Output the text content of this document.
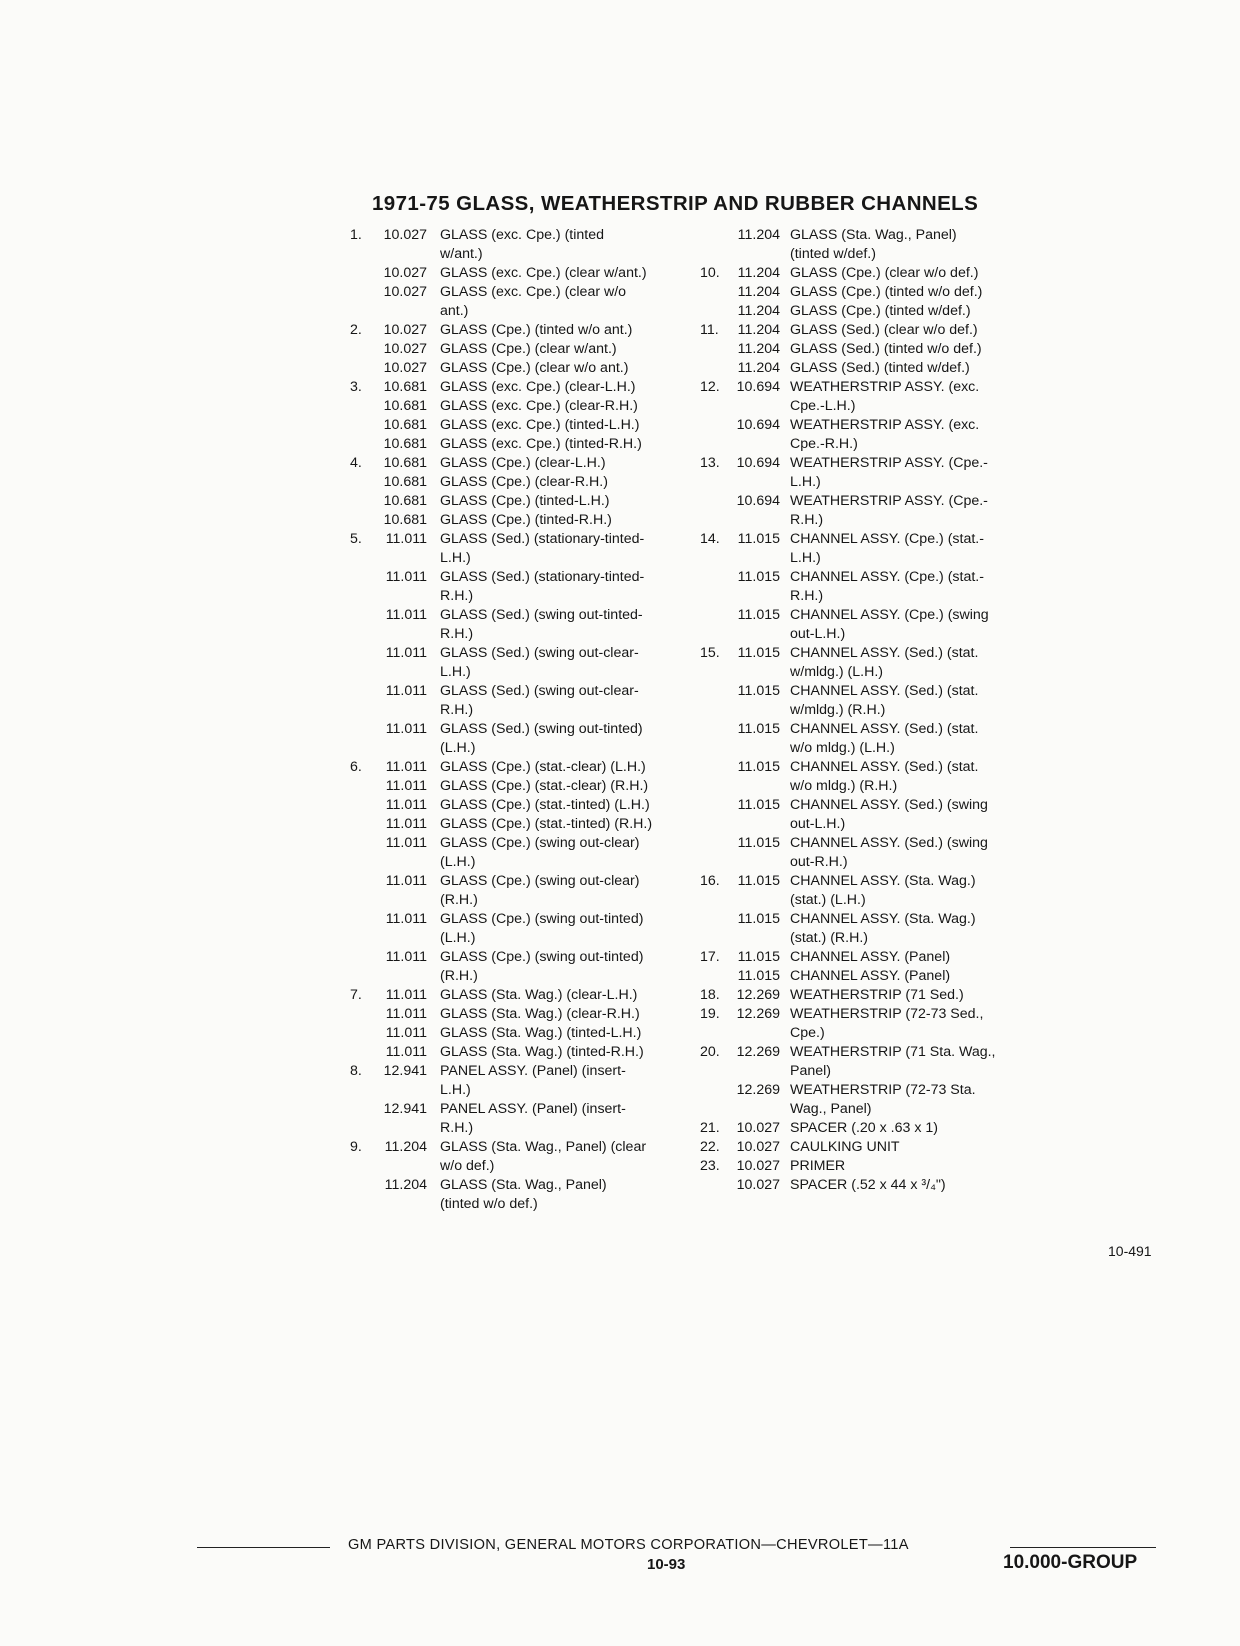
1971-75 GLASS, WEATHERSTRIP AND RUBBER CHANNELS
1.	10.027 GLASS (exc. Cpe.) (tinted
w/ant.)
10.027 GLASS (exc. Cpe.) (clear w/ant.)
10.027 GLASS (exc. Cpe.) (clear w/o
ant.)
2.	10.027 GLASS (Cpe.) (tinted w/o ant.)
10.027 GLASS (Cpe.) (clear w/ant.)
10.027 GLASS (Cpe.) (clear w/o ant.)
3.	10.681 GLASS (exc. Cpe.) (clear-L.H.)
10.681 GLASS (exc. Cpe.) (clear-R.H.)
10.681 GLASS (exc. Cpe.) (tinted-L.H.)
10.681 GLASS (exc. Cpe.) (tinted-R.H.)
4.	10.681 GLASS (Cpe.) (clear-L.H.)
10.681 GLASS (Cpe.) (clear-R.H.)
10.681 GLASS (Cpe.) (tinted-L.H.)
10.681 GLASS (Cpe.) (tinted-R.H.)
5.	11.011 GLASS (Sed.) (stationary-tinted-
L.H.)
11.011 GLASS (Sed.) (stationary-tinted-
R.H.)
11.011 GLASS (Sed.) (swing out-tinted-
R.H.)
11.011 GLASS (Sed.) (swing out-clear-
L.H.)
11.011 GLASS (Sed.) (swing out-clear-
R.H.)
11.011 GLASS (Sed.) (swing out-tinted)
(L.H.)
6.	11.011 GLASS (Cpe.) (stat.-clear) (L.H.)
11.011 GLASS (Cpe.) (stat.-clear) (R.H.)
11.011 GLASS (Cpe.) (stat.-tinted) (L.H.)
11.011 GLASS (Cpe.) (stat.-tinted) (R.H.)
11.011 GLASS (Cpe.) (swing out-clear)
(L.H.)
11.011 GLASS (Cpe.) (swing out-clear)
(R.H.)
11.011 GLASS (Cpe.) (swing out-tinted)
(L.H.)
11.011 GLASS (Cpe.) (swing out-tinted)
(R.H.)
7.	11.011 GLASS (Sta. Wag.) (clear-L.H.)
11.011 GLASS (Sta. Wag.) (clear-R.H.)
11.011 GLASS (Sta. Wag.) (tinted-L.H.)
11.011 GLASS (Sta. Wag.) (tinted-R.H.)
8.	12.941 PANEL ASSY. (Panel) (insert-
L.H.)
12.941 PANEL ASSY. (Panel) (insert-
R.H.)
9.	11.204 GLASS (Sta. Wag., Panel) (clear
w/o def.)
11.204 GLASS (Sta. Wag., Panel)
(tinted w/o def.)
11.204 GLASS (Sta. Wag., Panel)
(tinted w/def.)
10.	11.204 GLASS (Cpe.) (clear w/o def.)
11.204 GLASS (Cpe.) (tinted w/o def.)
11.204 GLASS (Cpe.) (tinted w/def.)
11.	11.204 GLASS (Sed.) (clear w/o def.)
11.204 GLASS (Sed.) (tinted w/o def.)
11.204 GLASS (Sed.) (tinted w/def.)
12.	10.694 WEATHERSTRIP ASSY. (exc.
Cpe.-L.H.)
10.694 WEATHERSTRIP ASSY. (exc.
Cpe.-R.H.)
13.	10.694 WEATHERSTRIP ASSY. (Cpe.-
L.H.)
10.694 WEATHERSTRIP ASSY. (Cpe.-
R.H.)
14.	11.015 CHANNEL ASSY. (Cpe.) (stat.-
L.H.)
11.015 CHANNEL ASSY. (Cpe.) (stat.-
R.H.)
11.015 CHANNEL ASSY. (Cpe.) (swing
out-L.H.)
15.	11.015 CHANNEL ASSY. (Sed.) (stat.
w/mldg.) (L.H.)
11.015 CHANNEL ASSY. (Sed.) (stat.
w/mldg.) (R.H.)
11.015 CHANNEL ASSY. (Sed.) (stat.
w/o mldg.) (L.H.)
11.015 CHANNEL ASSY. (Sed.) (stat.
w/o mldg.) (R.H.)
11.015 CHANNEL ASSY. (Sed.) (swing
out-L.H.)
11.015 CHANNEL ASSY. (Sed.) (swing
out-R.H.)
16.	11.015 CHANNEL ASSY. (Sta. Wag.)
(stat.) (L.H.)
11.015 CHANNEL ASSY. (Sta. Wag.)
(stat.) (R.H.)
17.	11.015 CHANNEL ASSY. (Panel)
11.015 CHANNEL ASSY. (Panel)
18.	12.269 WEATHERSTRIP (71 Sed.)
19.	12.269 WEATHERSTRIP (72-73 Sed.,
Cpe.)
20.	12.269 WEATHERSTRIP (71 Sta. Wag.,
Panel)
12.269 WEATHERSTRIP (72-73 Sta.
Wag., Panel)
21.	10.027 SPACER (.20 x .63 x 1)
22.	10.027 CAULKING UNIT
23.	10.027 PRIMER
10.027 SPACER (.52 x 44 x ³/₄")
10-491
GM PARTS DIVISION, GENERAL MOTORS CORPORATION—CHEVROLET—11A
10-93	10.000-GROUP
